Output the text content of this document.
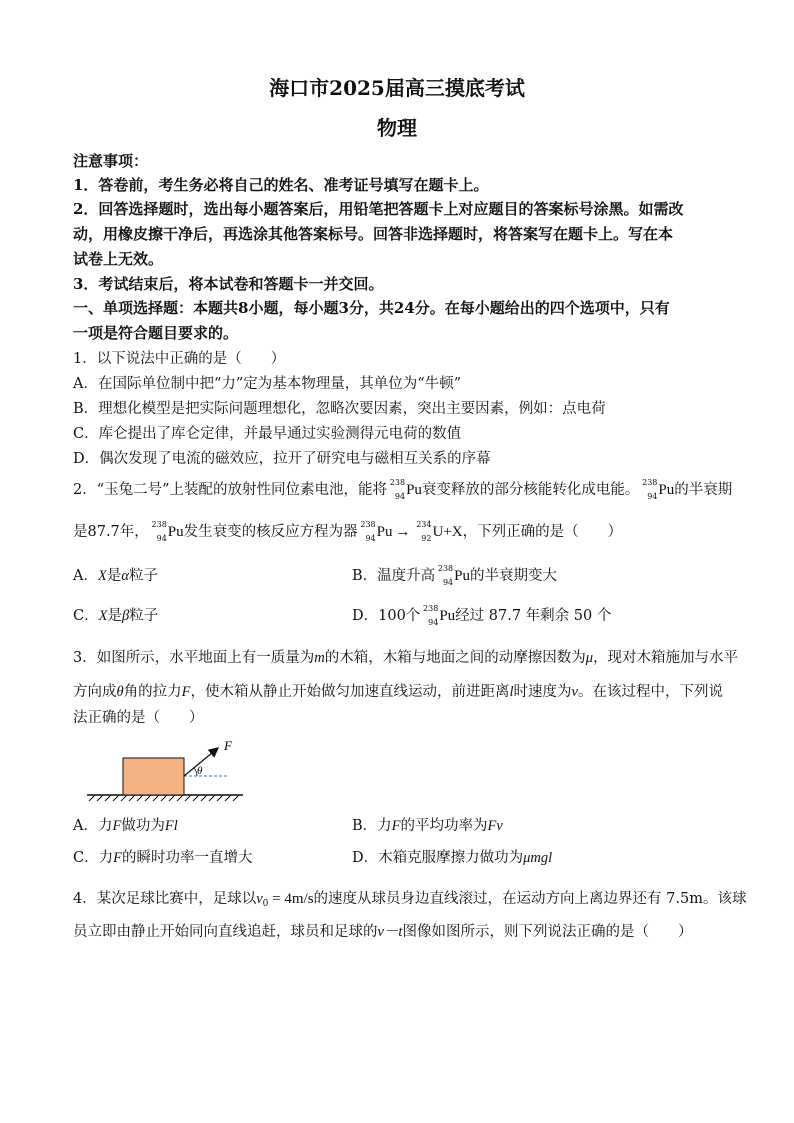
海口市2025届高三摸底考试
物理
注意事项：
1．答卷前，考生务必将自己的姓名、准考证号填写在题卡上。
2．回答选择题时，选出每小题答案后，用铅笔把答题卡上对应题目的答案标号涂黑。如需改
动，用橡皮擦干净后，再选涂其他答案标号。回答非选择题时，将答案写在题卡上。写在本
试卷上无效。
3．考试结束后，将本试卷和答题卡一并交回。
一、单项选择题：本题共8小题，每小题3分，共24分。在每小题给出的四个选项中，只有
一项是符合题目要求的。
1．以下说法中正确的是（　　）
A．在国际单位制中把“力”定为基本物理量，其单位为“牛顿”
B．理想化模型是把实际问题理想化，忽略次要因素，突出主要因素，例如：点电荷
C．库仑提出了库仑定律，并最早通过实验测得元电荷的数值
D．偶次发现了电流的磁效应，拉开了研究电与磁相互关系的序幕
2．“玉兔二号”上装配的放射性同位素电池，能将 238
94 Pu衰变释放的部分核能转化成电能。 238
94 Pu的半衰期
是87.7年， 238
94 Pu发生衰变的核反应方程为器 238
94 Pu → 234
92 U+X，下列正确的是（　　）
A．X是α粒子	B．温度升高 238
94 Pu的半衰期变大
C．X是β粒子	D．100个 238
94 Pu经过 87.7 年剩余 50 个
3．如图所示，水平地面上有一质量为m的木箱，木箱与地面之间的动摩擦因数为μ，现对木箱施加与水平
方向成θ角的拉力F，使木箱从静止开始做匀加速直线运动，前进距离l时速度为v。在该过程中，下列说
法正确的是（　　）
F
θ
A．力F做功为Fl	B．力F的平均功率为Fv
C．力F的瞬时功率一直增大	D．木箱克服摩擦力做功为μmgl
4．某次足球比赛中，足球以$v_0 = 4m/s$的速度从球员身边直线滚过，在运动方向上离边界还有 7.5m。该球
员立即由静止开始同向直线追赶，球员和足球的v－t图像如图所示，则下列说法正确的是（　　）
